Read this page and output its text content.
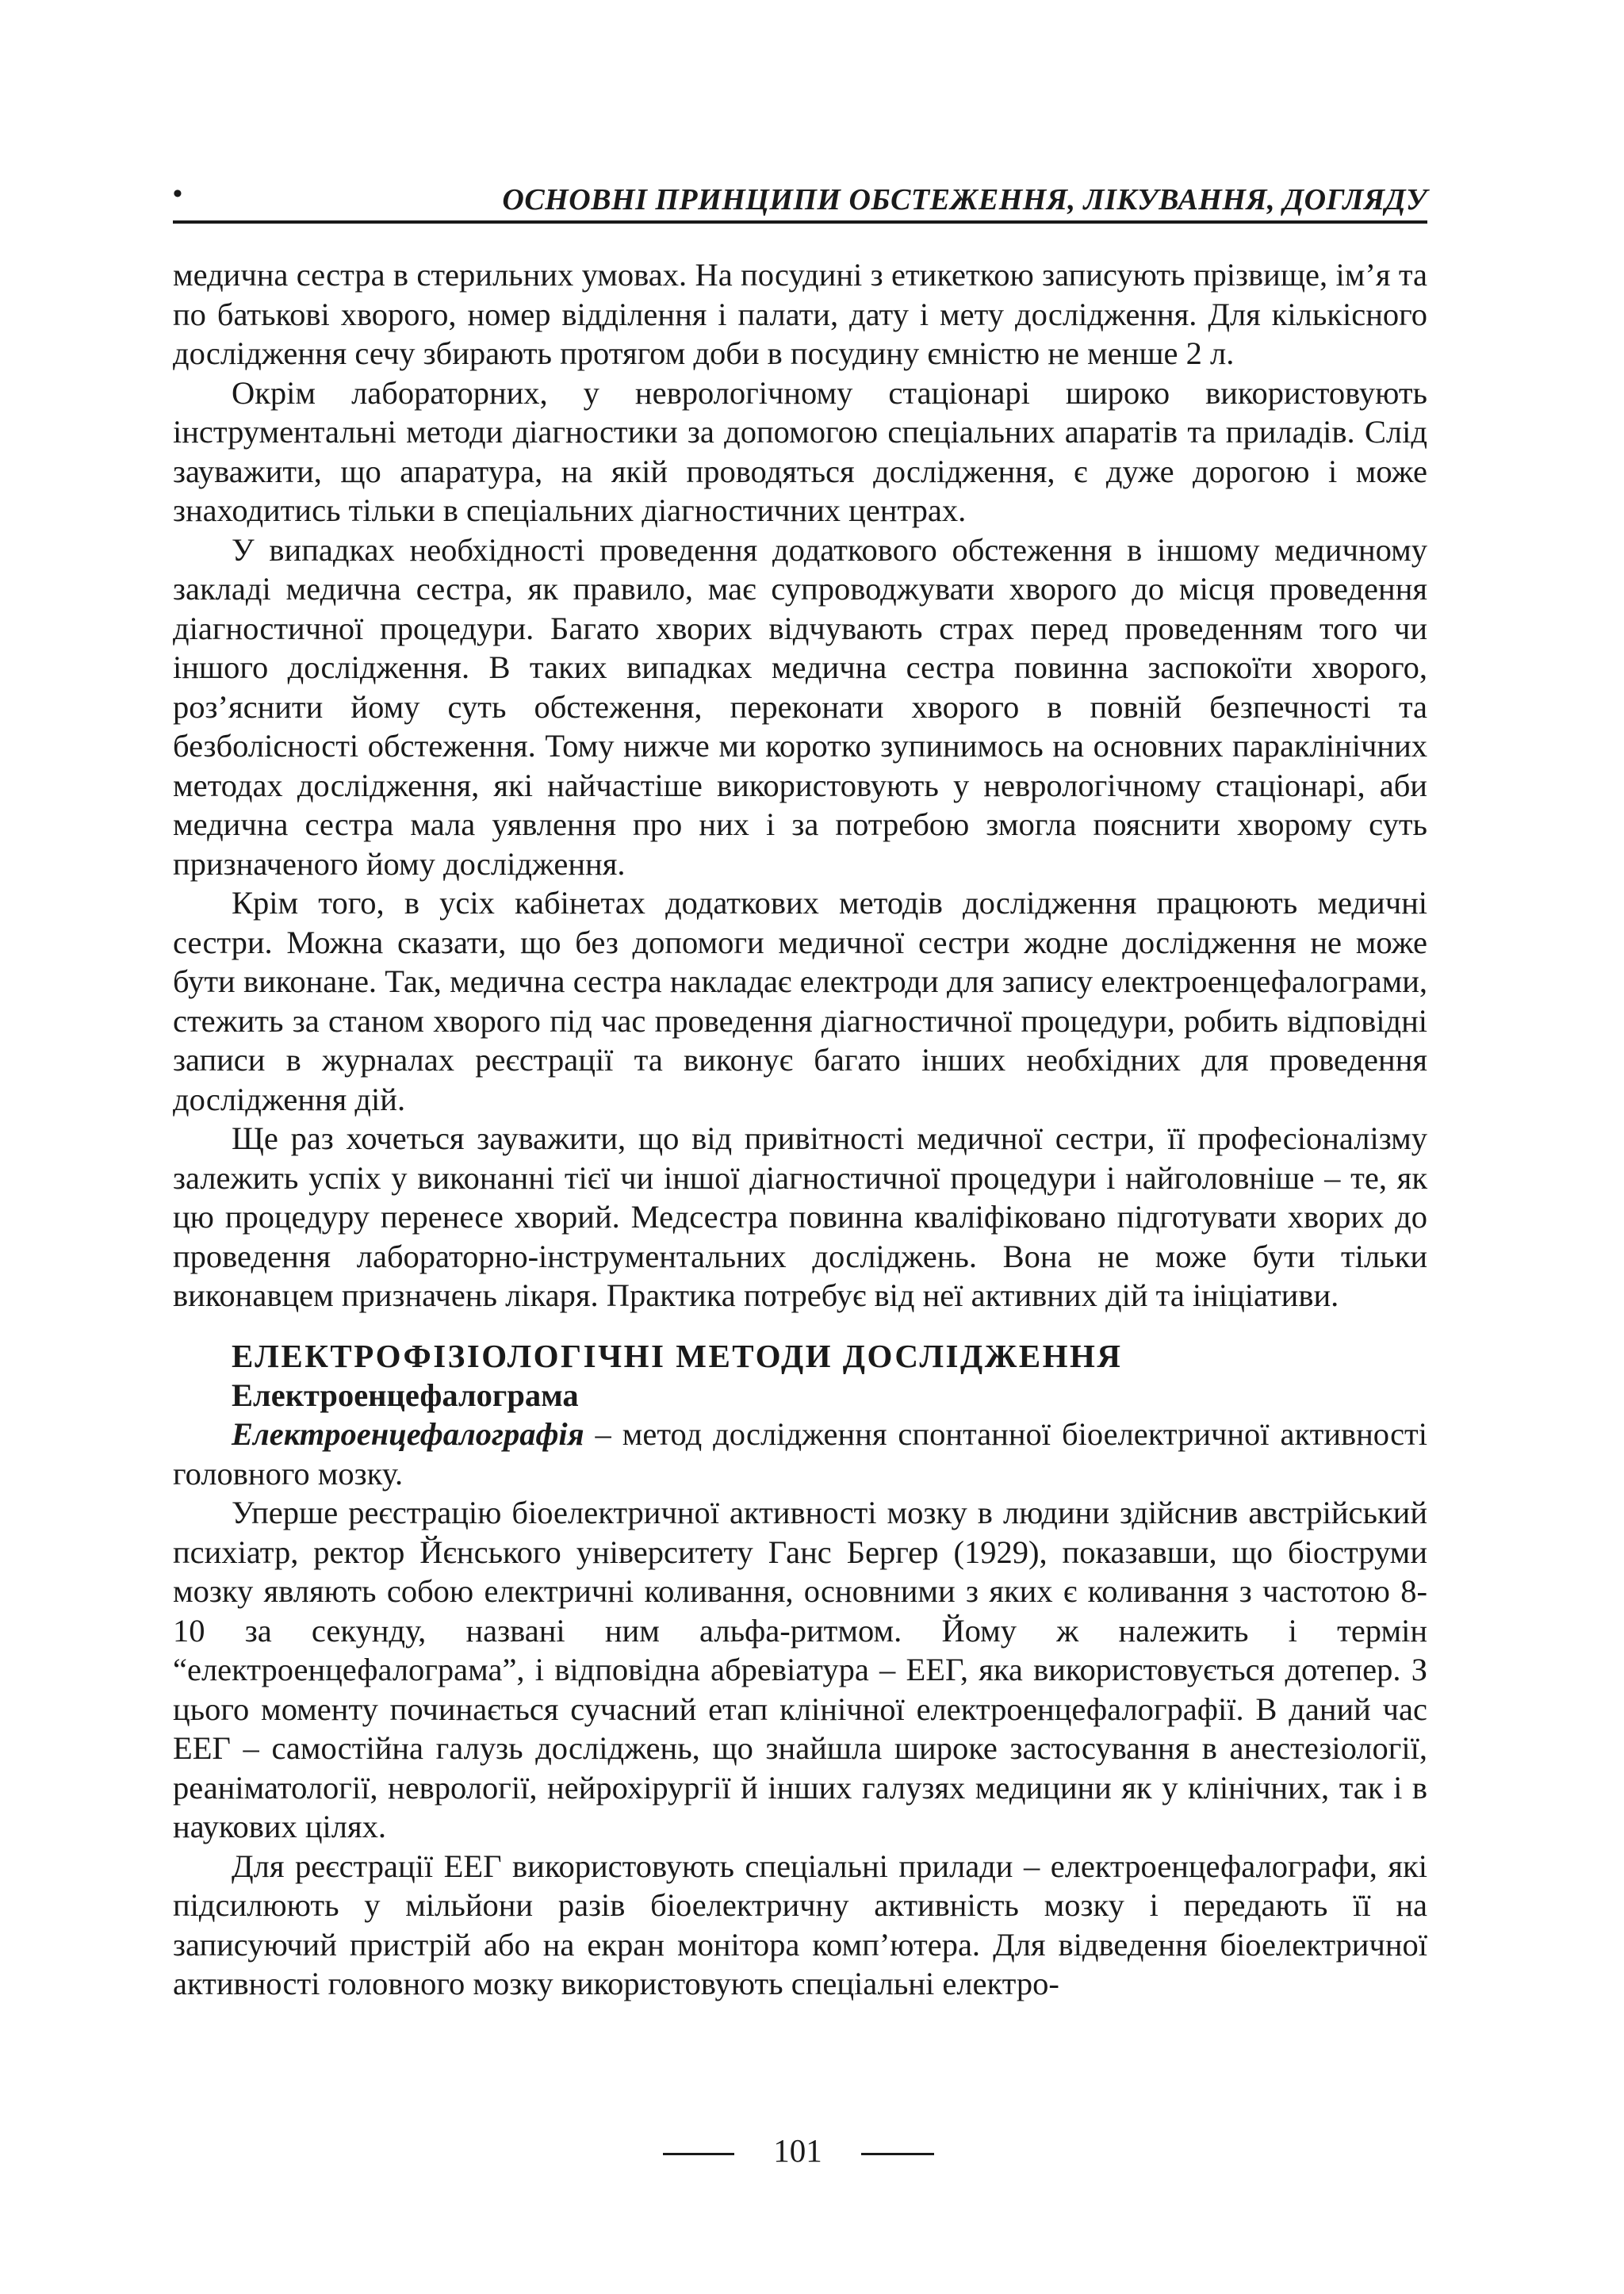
•	ОСНОВНІ ПРИНЦИПИ ОБСТЕЖЕННЯ, ЛІКУВАННЯ, ДОГЛЯДУ

медична сестра в стерильних умовах. На посудині з етикеткою записують прізвище, ім’я та по батькові хворого, номер відділення і палати, дату і мету дослідження. Для кількісного дослідження сечу збирають протягом доби в посудину ємністю не менше 2 л.

Окрім лабораторних, у неврологічному стаціонарі широко використовують інструментальні методи діагностики за допомогою спеціальних апаратів та приладів. Слід зауважити, що апаратура, на якій проводяться дослідження, є дуже дорогою і може знаходитись тільки в спеціальних діагностичних центрах.

У випадках необхідності проведення додаткового обстеження в іншому медичному закладі медична сестра, як правило, має супроводжувати хворого до місця проведення діагностичної процедури. Багато хворих відчувають страх перед проведенням того чи іншого дослідження. В таких випадках медична сестра повинна заспокоїти хворого, роз’яснити йому суть обстеження, переконати хворого в повній безпечності та безболісності обстеження. Тому нижче ми коротко зупинимось на основних параклінічних методах дослідження, які найчастіше використовують у неврологічному стаціонарі, аби медична сестра мала уявлення про них і за потребою змогла пояснити хворому суть призначеного йому дослідження.

Крім того, в усіх кабінетах додаткових методів дослідження працюють медичні сестри. Можна сказати, що без допомоги медичної сестри жодне дослідження не може бути виконане. Так, медична сестра накладає електроди для запису електроенцефалограми, стежить за станом хворого під час проведення діагностичної процедури, робить відповідні записи в журналах реєстрації та виконує багато інших необхідних для проведення дослідження дій.

Ще раз хочеться зауважити, що від привітності медичної сестри, її професіоналізму залежить успіх у виконанні тієї чи іншої діагностичної процедури і найголовніше – те, як цю процедуру перенесе хворий. Медсестра повинна кваліфіковано підготувати хворих до проведення лабораторно-інструментальних досліджень. Вона не може бути тільки виконавцем призначень лікаря. Практика потребує від неї активних дій та ініціативи.

ЕЛЕКТРОФІЗІОЛОГІЧНІ МЕТОДИ ДОСЛІДЖЕННЯ
Електроенцефалограма

Електроенцефалографія – метод дослідження спонтанної біоелектричної активності головного мозку.

Уперше реєстрацію біоелектричної активності мозку в людини здійснив австрійський психіатр, ректор Йєнського університету Ганс Бергер (1929), показавши, що біоструми мозку являють собою електричні коливання, основними з яких є коливання з частотою 8-10 за секунду, названі ним альфа-ритмом. Йому ж належить і термін “електроенцефалограма”, і відповідна абревіатура – ЕЕГ, яка використовується дотепер. З цього моменту починається сучасний етап клінічної електроенцефалографії. В даний час ЕЕГ – самостійна галузь досліджень, що знайшла широке застосування в анестезіології, реаніматології, неврології, нейрохірургії й інших галузях медицини як у клінічних, так і в наукових цілях.

Для реєстрації ЕЕГ використовують спеціальні прилади – електроенцефалографи, які підсилюють у мільйони разів біоелектричну активність мозку і передають її на записуючий пристрій або на екран монітора комп’ютера. Для відведення біоелектричної активності головного мозку використовують спеціальні електро-

101
